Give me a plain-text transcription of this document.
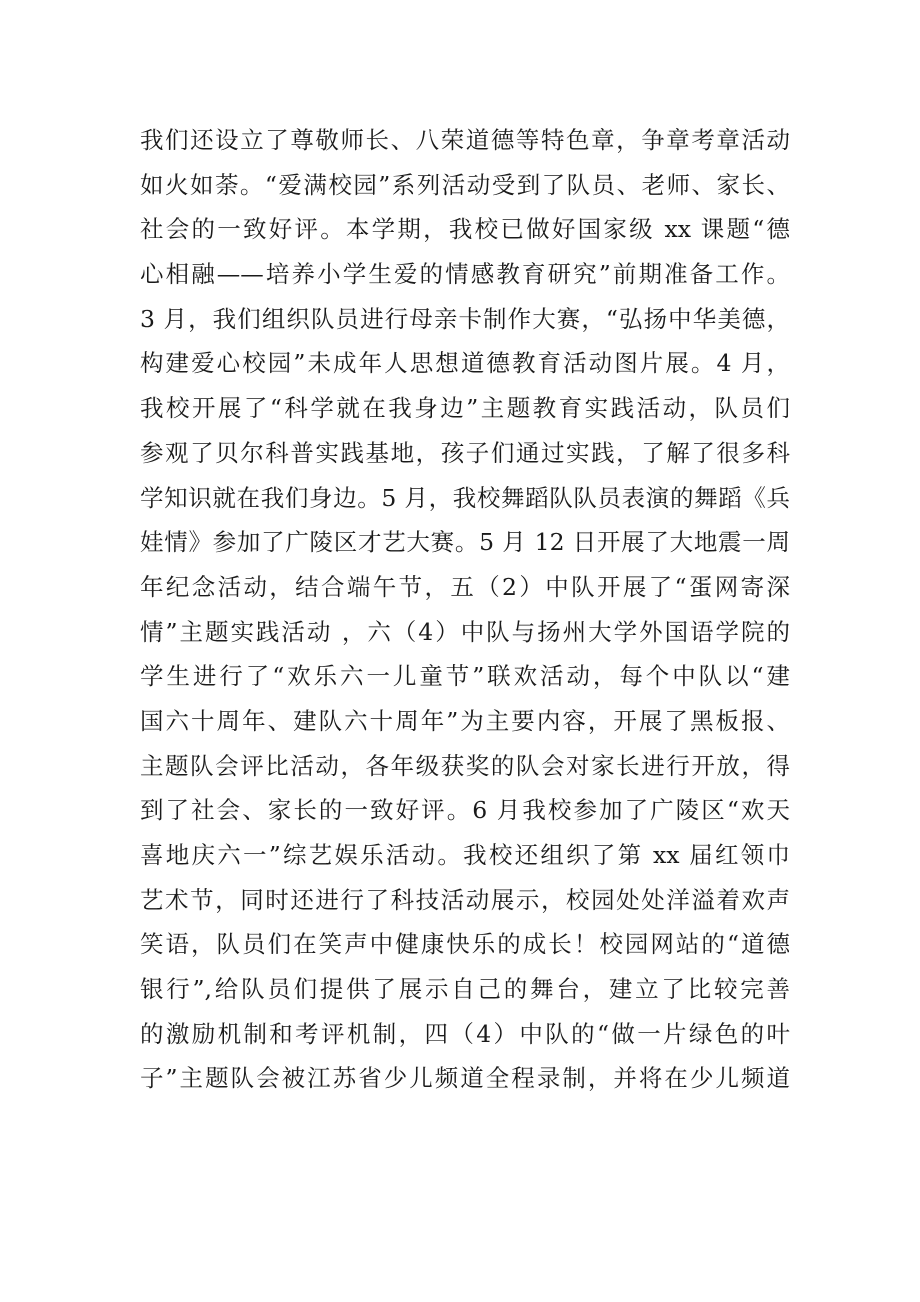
我们还设立了尊敬师长、八荣道德等特色章，争章考章活动
如火如荼。“爱满校园”系列活动受到了队员、老师、家长、
社会的一致好评。本学期，我校已做好国家级 xx 课题“德
心相融——培养小学生爱的情感教育研究”前期准备工作。
3 月，我们组织队员进行母亲卡制作大赛，“弘扬中华美德，
构建爱心校园”未成年人思想道德教育活动图片展。4 月，
我校开展了“科学就在我身边”主题教育实践活动，队员们
参观了贝尔科普实践基地，孩子们通过实践，了解了很多科
学知识就在我们身边。5 月，我校舞蹈队队员表演的舞蹈《兵
娃情》参加了广陵区才艺大赛。5 月 12 日开展了大地震一周
年纪念活动，结合端午节，五（2）中队开展了“蛋网寄深
情”主题实践活动 ，六（4）中队与扬州大学外国语学院的
学生进行了“欢乐六一儿童节”联欢活动，每个中队以“建
国六十周年、建队六十周年”为主要内容，开展了黑板报、
主题队会评比活动，各年级获奖的队会对家长进行开放，得
到了社会、家长的一致好评。6 月我校参加了广陵区“欢天
喜地庆六一”综艺娱乐活动。我校还组织了第 xx 届红领巾
艺术节，同时还进行了科技活动展示，校园处处洋溢着欢声
笑语，队员们在笑声中健康快乐的成长！校园网站的“道德
银行”,给队员们提供了展示自己的舞台，建立了比较完善
的激励机制和考评机制，四（4）中队的“做一片绿色的叶
子”主题队会被江苏省少儿频道全程录制，并将在少儿频道
